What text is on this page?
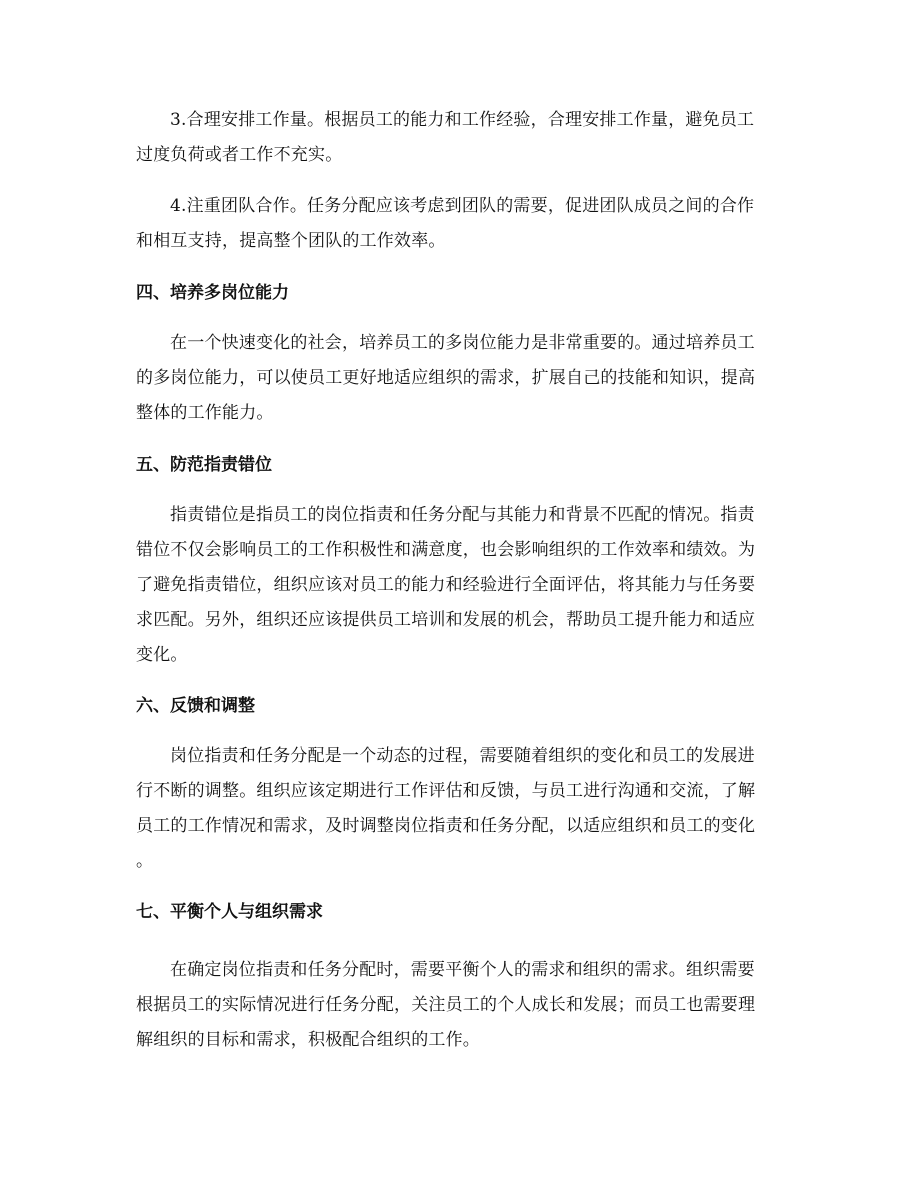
3.合理安排工作量。根据员工的能力和工作经验，合理安排工作量，避免员工
过度负荷或者工作不充实。

4.注重团队合作。任务分配应该考虑到团队的需要，促进团队成员之间的合作
和相互支持，提高整个团队的工作效率。

四、培养多岗位能力

在一个快速变化的社会，培养员工的多岗位能力是非常重要的。通过培养员工
的多岗位能力，可以使员工更好地适应组织的需求，扩展自己的技能和知识，提高
整体的工作能力。

五、防范指责错位

指责错位是指员工的岗位指责和任务分配与其能力和背景不匹配的情况。指责
错位不仅会影响员工的工作积极性和满意度，也会影响组织的工作效率和绩效。为
了避免指责错位，组织应该对员工的能力和经验进行全面评估，将其能力与任务要
求匹配。另外，组织还应该提供员工培训和发展的机会，帮助员工提升能力和适应
变化。

六、反馈和调整

岗位指责和任务分配是一个动态的过程，需要随着组织的变化和员工的发展进
行不断的调整。组织应该定期进行工作评估和反馈，与员工进行沟通和交流，了解
员工的工作情况和需求，及时调整岗位指责和任务分配，以适应组织和员工的变化
。

七、平衡个人与组织需求

在确定岗位指责和任务分配时，需要平衡个人的需求和组织的需求。组织需要
根据员工的实际情况进行任务分配，关注员工的个人成长和发展；而员工也需要理
解组织的目标和需求，积极配合组织的工作。
